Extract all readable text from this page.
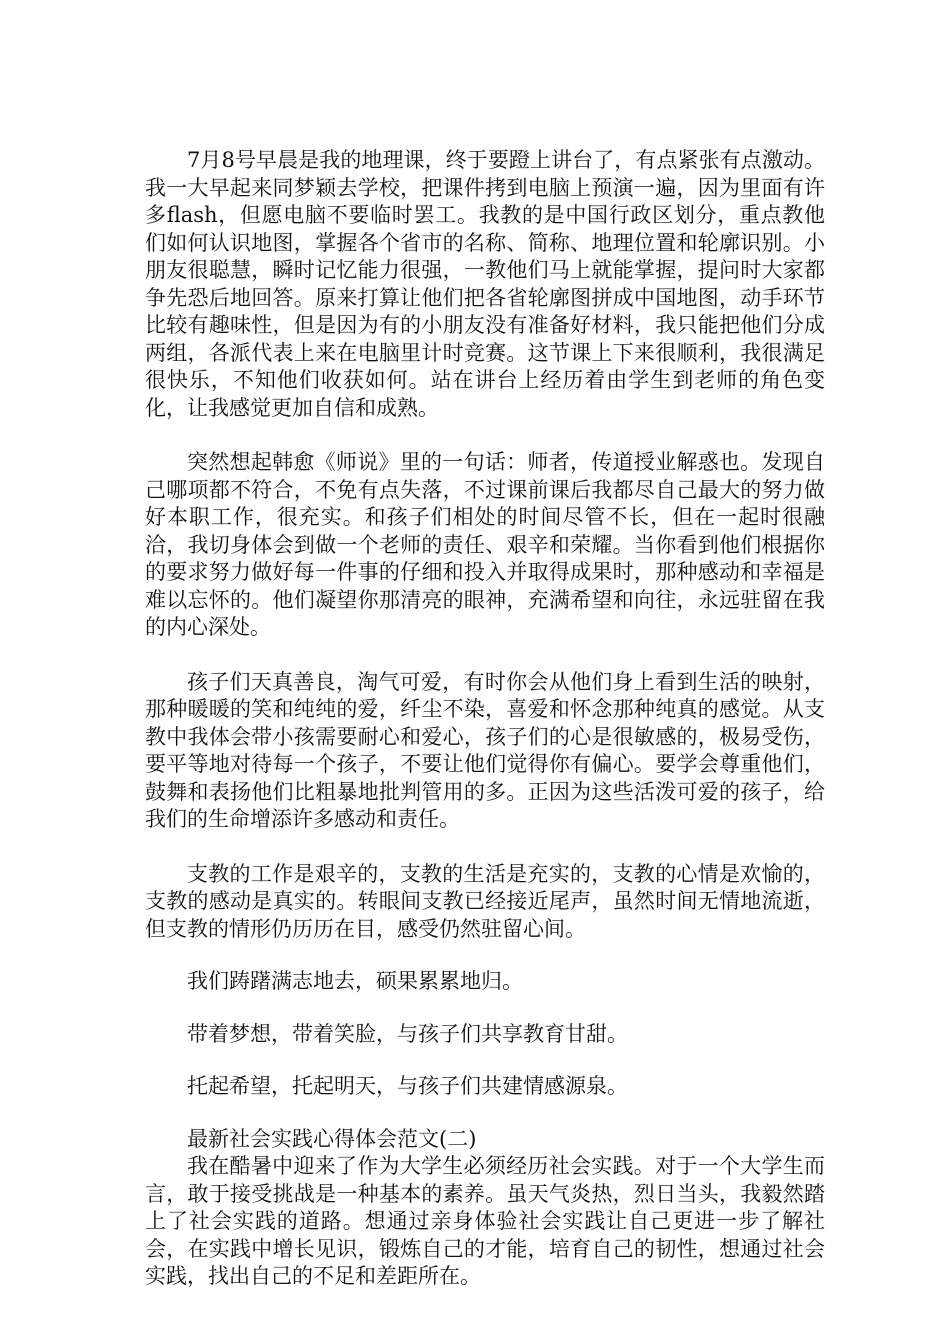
7月8号早晨是我的地理课，终于要蹬上讲台了，有点紧张有点激动。我一大早起来同梦颖去学校，把课件拷到电脑上预演一遍，因为里面有许多flash，但愿电脑不要临时罢工。我教的是中国行政区划分，重点教他们如何认识地图，掌握各个省市的名称、简称、地理位置和轮廓识别。小朋友很聪慧，瞬时记忆能力很强，一教他们马上就能掌握，提问时大家都争先恐后地回答。原来打算让他们把各省轮廓图拼成中国地图，动手环节比较有趣味性，但是因为有的小朋友没有准备好材料，我只能把他们分成两组，各派代表上来在电脑里计时竞赛。这节课上下来很顺利，我很满足很快乐，不知他们收获如何。站在讲台上经历着由学生到老师的角色变化，让我感觉更加自信和成熟。

突然想起韩愈《师说》里的一句话：师者，传道授业解惑也。发现自己哪项都不符合，不免有点失落，不过课前课后我都尽自己最大的努力做好本职工作，很充实。和孩子们相处的时间尽管不长，但在一起时很融洽，我切身体会到做一个老师的责任、艰辛和荣耀。当你看到他们根据你的要求努力做好每一件事的仔细和投入并取得成果时，那种感动和幸福是难以忘怀的。他们凝望你那清亮的眼神，充满希望和向往，永远驻留在我的内心深处。

孩子们天真善良，淘气可爱，有时你会从他们身上看到生活的映射，那种暖暖的笑和纯纯的爱，纤尘不染，喜爱和怀念那种纯真的感觉。从支教中我体会带小孩需要耐心和爱心，孩子们的心是很敏感的，极易受伤，要平等地对待每一个孩子，不要让他们觉得你有偏心。要学会尊重他们，鼓舞和表扬他们比粗暴地批判管用的多。正因为这些活泼可爱的孩子，给我们的生命增添许多感动和责任。

支教的工作是艰辛的，支教的生活是充实的，支教的心情是欢愉的，支教的感动是真实的。转眼间支教已经接近尾声，虽然时间无情地流逝，但支教的情形仍历历在目，感受仍然驻留心间。

我们踌躇满志地去，硕果累累地归。

带着梦想，带着笑脸，与孩子们共享教育甘甜。

托起希望，托起明天，与孩子们共建情感源泉。

最新社会实践心得体会范文(二)

我在酷暑中迎来了作为大学生必须经历社会实践。对于一个大学生而言，敢于接受挑战是一种基本的素养。虽天气炎热，烈日当头，我毅然踏上了社会实践的道路。想通过亲身体验社会实践让自己更进一步了解社会，在实践中增长见识，锻炼自己的才能，培育自己的韧性，想通过社会实践，找出自己的不足和差距所在。
